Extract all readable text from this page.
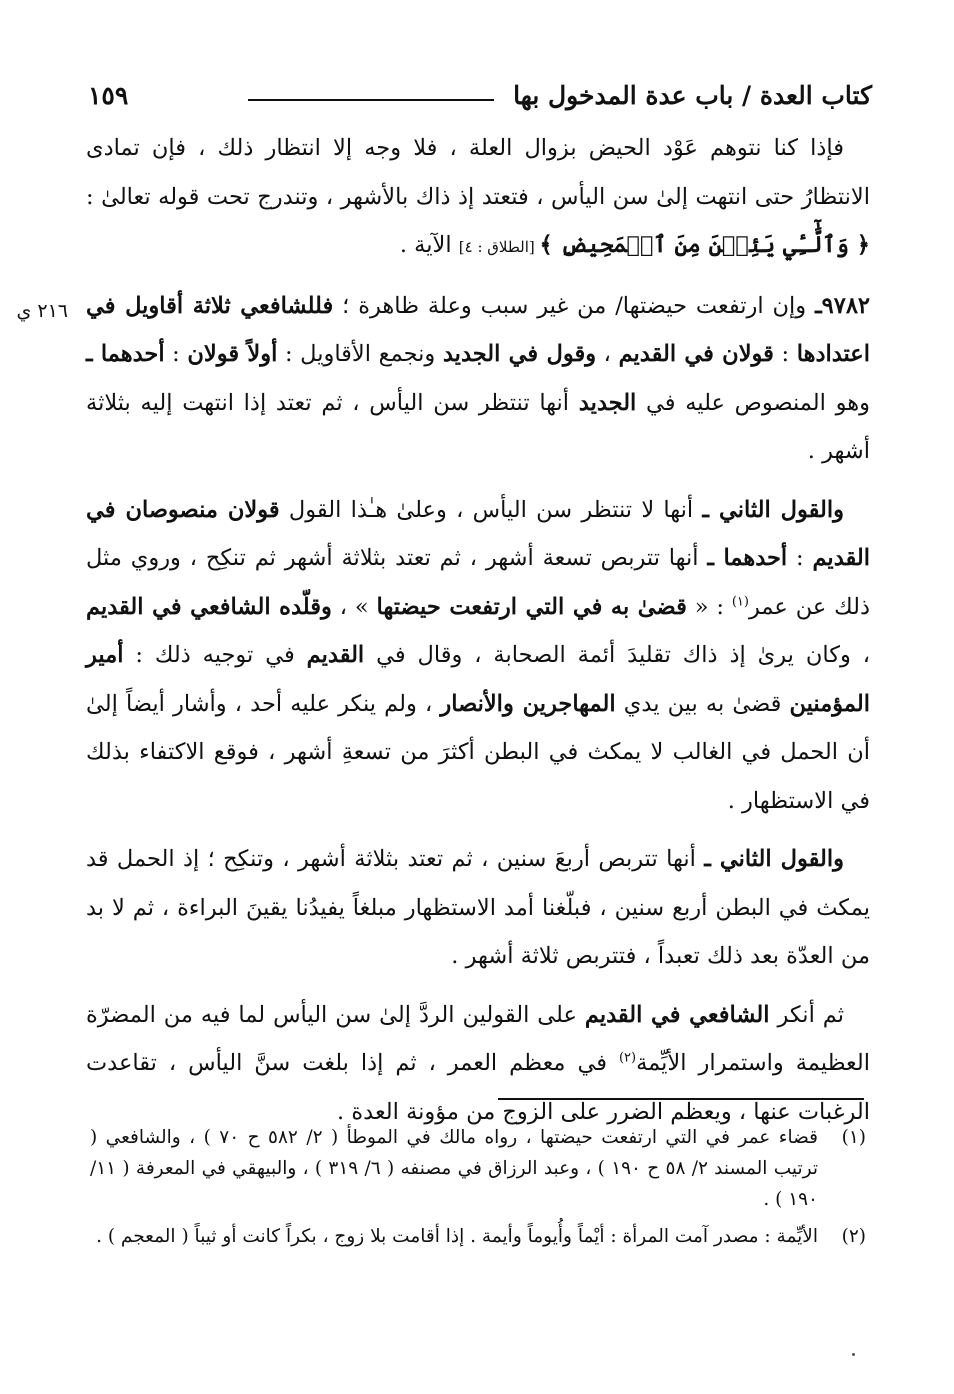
كتاب العدة / باب عدة المدخول بها
١٥٩
٢١٦ ي

فإذا كنا نتوهم عَوْد الحيض بزوال العلة ، فلا وجه إلا انتظار ذلك ، فإن تمادى الانتظارُ حتى انتهت إلىٰ سن اليأس ، فتعتد إذ ذاك بالأشهر ، وتندرج تحت قوله تعالىٰ : ﴿ وَٱلَّٰٓـِٔي يَئِسۡنَ مِنَ ٱلۡمَحِيضِ ﴾ [الطلاق : ٤] الآية .

٩٧٨٢ـ وإن ارتفعت حيضتها/ من غير سبب وعلة ظاهرة ؛ فللشافعي ثلاثة أقاويل في اعتدادها : قولان في القديم ، وقول في الجديد ونجمع الأقاويل : أولاً قولان : أحدهما ـ وهو المنصوص عليه في الجديد أنها تنتظر سن اليأس ، ثم تعتد إذا انتهت إليه بثلاثة أشهر .

والقول الثاني ـ أنها لا تنتظر سن اليأس ، وعلىٰ هـٰذا القول قولان منصوصان في القديم : أحدهما ـ أنها تتربص تسعة أشهر ، ثم تعتد بثلاثة أشهر ثم تنكِح ، وروي مثل ذلك عن عمر$^{(١)}$ : « قضىٰ به في التي ارتفعت حيضتها » ، وقلّده الشافعي في القديم ، وكان يرىٰ إذ ذاك تقليدَ أئمة الصحابة ، وقال في القديم في توجيه ذلك : أمير المؤمنين قضىٰ به بين يدي المهاجرين والأنصار ، ولم ينكر عليه أحد ، وأشار أيضاً إلىٰ أن الحمل في الغالب لا يمكث في البطن أكثرَ من تسعةِ أشهر ، فوقع الاكتفاء بذلك في الاستظهار .

والقول الثاني ـ أنها تتربص أربعَ سنين ، ثم تعتد بثلاثة أشهر ، وتنكِح ؛ إذ الحمل قد يمكث في البطن أربع سنين ، فبلّغنا أمد الاستظهار مبلغاً يفيدُنا يقينَ البراءة ، ثم لا بد من العدّة بعد ذلك تعبداً ، فتتربص ثلاثة أشهر .

ثم أنكر الشافعي في القديم على القولين الردَّ إلىٰ سن اليأس لما فيه من المضرّة العظيمة واستمرار الأيِّمة$^{(٢)}$ في معظم العمر ، ثم إذا بلغت سنَّ اليأس ، تقاعدت الرغبات عنها ، ويعظم الضرر على الزوج من مؤونة العدة .

(١)
قضاء عمر في التي ارتفعت حيضتها ، رواه مالك في الموطأ ( ٢/ ٥٨٢ ح ٧٠ ) ، والشافعي ( ترتيب المسند ٢/ ٥٨ ح ١٩٠ ) ، وعبد الرزاق في مصنفه ( ٦/ ٣١٩ ) ، والبيهقي في المعرفة ( ١١/ ١٩٠ ) .
(٢)
الأيِّمة : مصدر آمت المرأة : أيْماً وأُيوماً وأيمة . إذا أقامت بلا زوج ، بكراً كانت أو ثيباً ( المعجم ) .
